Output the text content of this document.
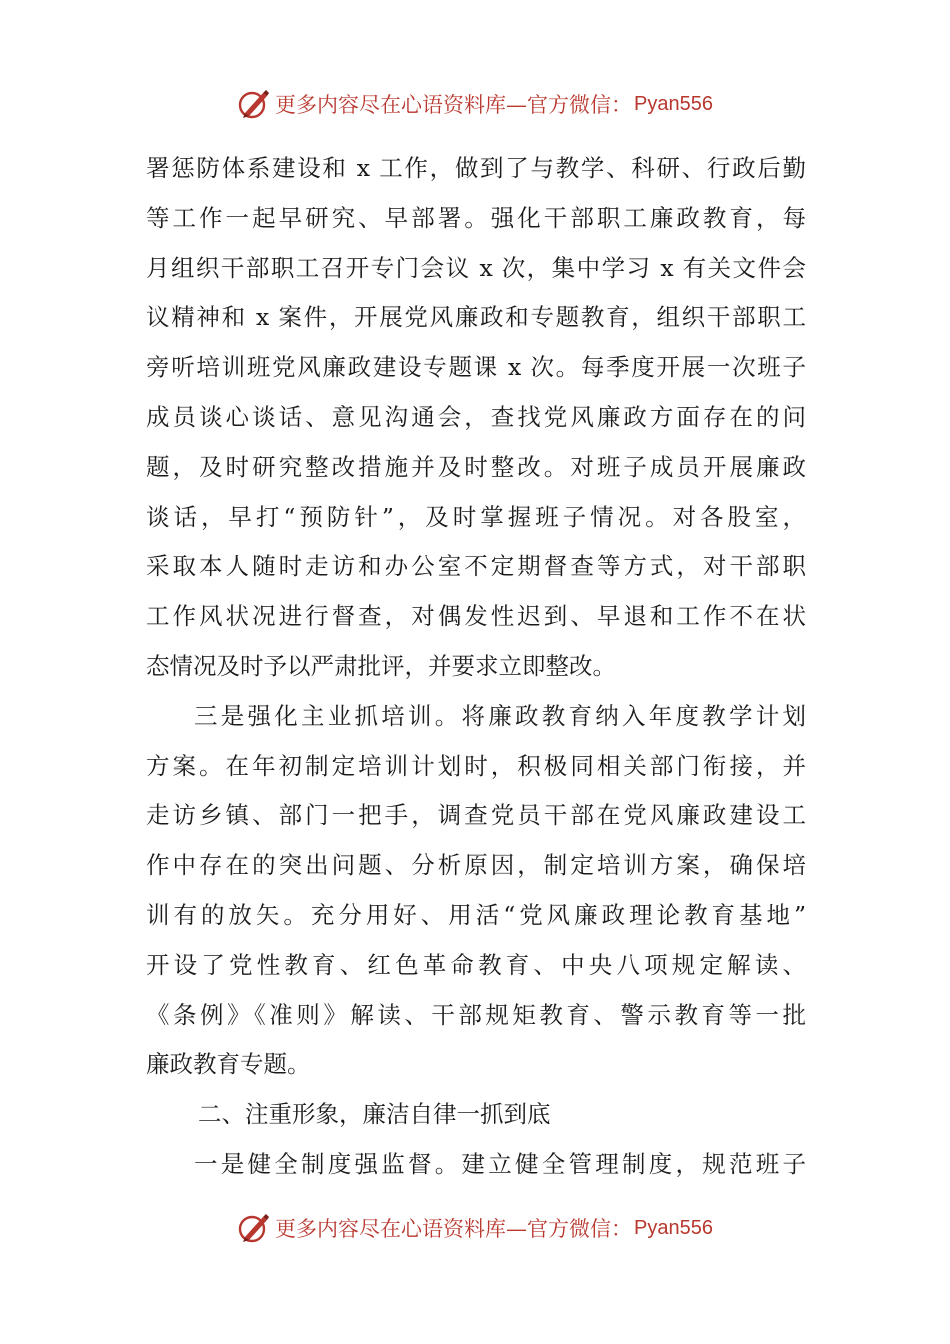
更多内容尽在心语资料库—官方微信： Pyan556
署惩防体系建设和 x 工作，做到了与教学、科研、行政后勤
等工作一起早研究、早部署。强化干部职工廉政教育，每
月组织干部职工召开专门会议 x 次，集中学习 x 有关文件会
议精神和 x 案件，开展党风廉政和专题教育，组织干部职工
旁听培训班党风廉政建设专题课 x 次。每季度开展一次班子
成员谈心谈话、意见沟通会，查找党风廉政方面存在的问
题，及时研究整改措施并及时整改。对班子成员开展廉政
谈话，早打“预防针”，及时掌握班子情况。对各股室，
采取本人随时走访和办公室不定期督查等方式，对干部职
工作风状况进行督查，对偶发性迟到、早退和工作不在状
态情况及时予以严肃批评，并要求立即整改。
三是强化主业抓培训。将廉政教育纳入年度教学计划
方案。在年初制定培训计划时，积极同相关部门衔接，并
走访乡镇、部门一把手，调查党员干部在党风廉政建设工
作中存在的突出问题、分析原因，制定培训方案，确保培
训有的放矢。充分用好、用活“党风廉政理论教育基地”
开设了党性教育、红色革命教育、中央八项规定解读、
《条例》《准则》解读、干部规矩教育、警示教育等一批
廉政教育专题。
二、注重形象，廉洁自律一抓到底
一是健全制度强监督。建立健全管理制度，规范班子
更多内容尽在心语资料库—官方微信： Pyan556
